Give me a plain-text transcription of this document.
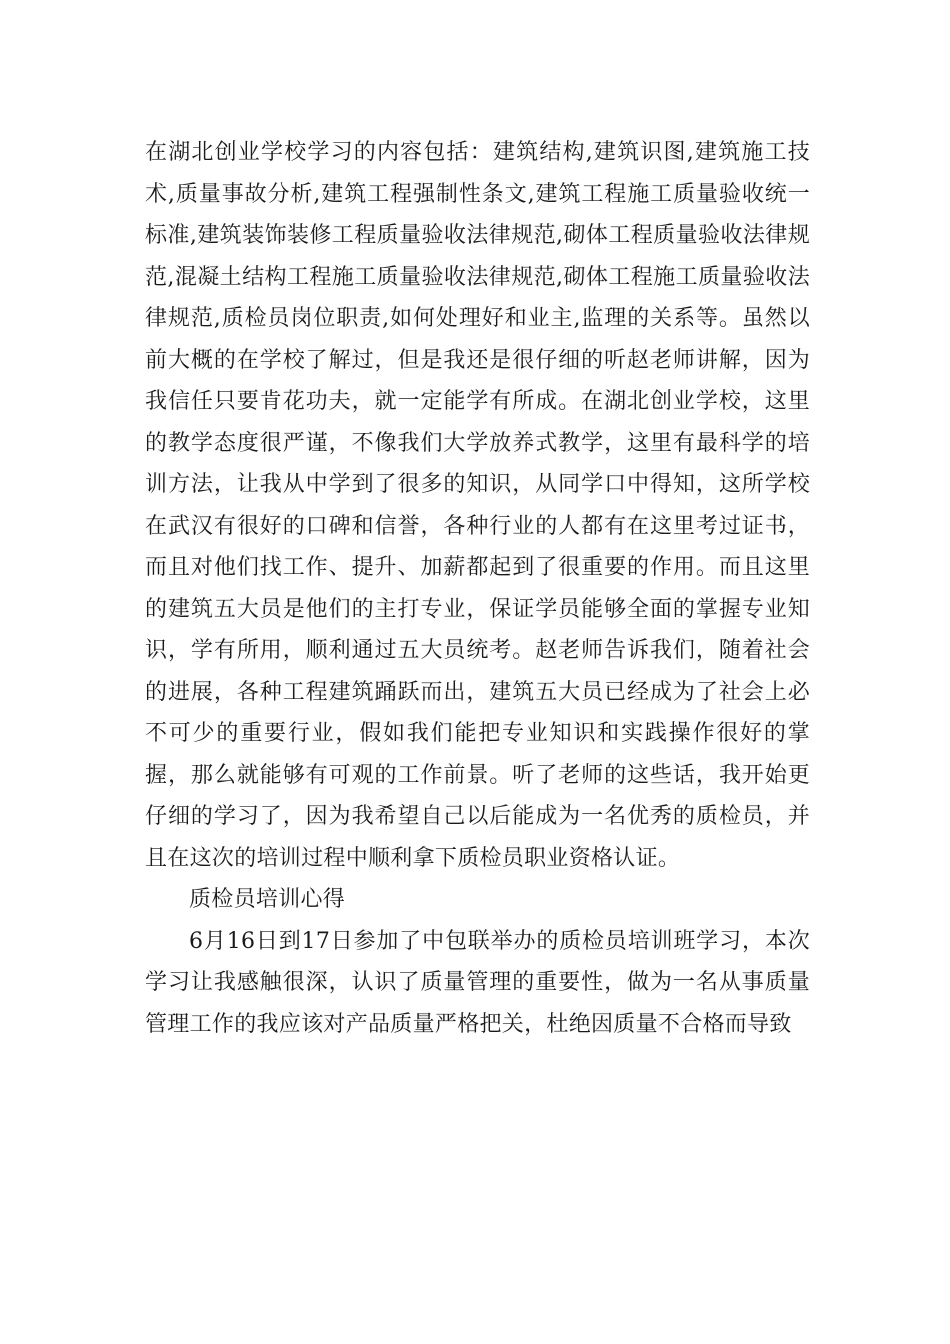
在湖北创业学校学习的内容包括：建筑结构,建筑识图,建筑施工技术,质量事故分析,建筑工程强制性条文,建筑工程施工质量验收统一标准,建筑装饰装修工程质量验收法律规范,砌体工程质量验收法律规范,混凝土结构工程施工质量验收法律规范,砌体工程施工质量验收法律规范,质检员岗位职责,如何处理好和业主,监理的关系等。虽然以前大概的在学校了解过，但是我还是很仔细的听赵老师讲解，因为我信任只要肯花功夫，就一定能学有所成。在湖北创业学校，这里的教学态度很严谨，不像我们大学放养式教学，这里有最科学的培训方法，让我从中学到了很多的知识，从同学口中得知，这所学校在武汉有很好的口碑和信誉，各种行业的人都有在这里考过证书，而且对他们找工作、提升、加薪都起到了很重要的作用。而且这里的建筑五大员是他们的主打专业，保证学员能够全面的掌握专业知识，学有所用，顺利通过五大员统考。赵老师告诉我们，随着社会的进展，各种工程建筑踊跃而出，建筑五大员已经成为了社会上必不可少的重要行业，假如我们能把专业知识和实践操作很好的掌握，那么就能够有可观的工作前景。听了老师的这些话，我开始更仔细的学习了，因为我希望自己以后能成为一名优秀的质检员，并且在这次的培训过程中顺利拿下质检员职业资格认证。

质检员培训心得

6月16日到17日参加了中包联举办的质检员培训班学习，本次学习让我感触很深，认识了质量管理的重要性，做为一名从事质量管理工作的我应该对产品质量严格把关，杜绝因质量不合格而导致
